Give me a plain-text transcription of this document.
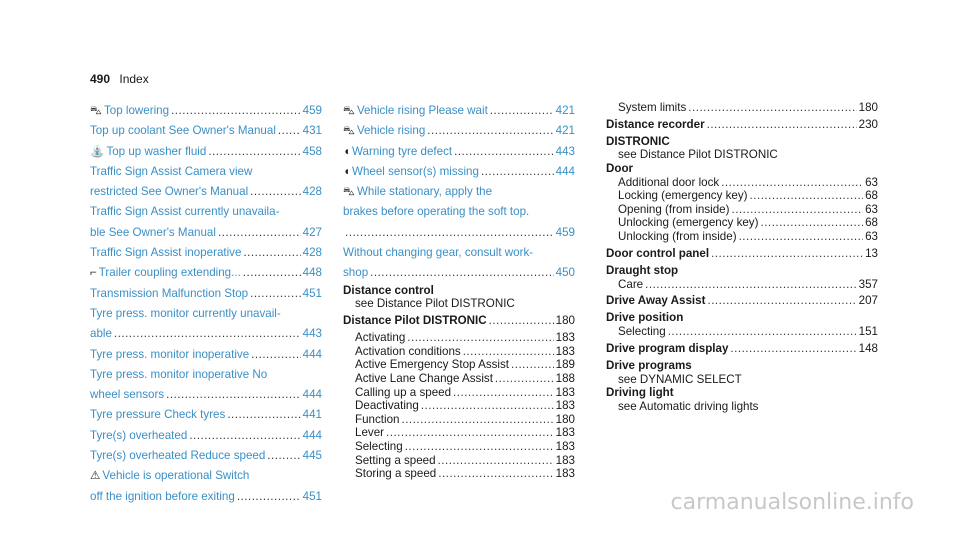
490 Index
⛍ Top lowering .....	459
Top up coolant See Owner's Manual ..... 431
⛲ Top up washer fluid .....	458
Traffic Sign Assist Camera view
restricted See Owner's Manual .....	428
Traffic Sign Assist currently unavaila-
ble See Owner's Manual .....	427
Traffic Sign Assist inoperative .....	428
⌐ Trailer coupling extending... .....	448
Transmission Malfunction Stop .....	451
Tyre press. monitor currently unavail-
able .....	443
Tyre press. monitor inoperative .....	444
Tyre press. monitor inoperative No
wheel sensors .....	444
Tyre pressure Check tyres .....	441
Tyre(s) overheated .....	444
Tyre(s) overheated Reduce speed .....	445
⚠ Vehicle is operational Switch
off the ignition before exiting .....	451
⛍ Vehicle rising Please wait .....	421
⛍ Vehicle rising .....	421
◖ Warning tyre defect .....	443
◖ Wheel sensor(s) missing .....	444
⛍ While stationary, apply the
brakes before operating the soft top.
.....
459
Without changing gear, consult work-
shop .....	450
Distance control
see Distance Pilot DISTRONIC
Distance Pilot DISTRONIC .....	180
Activating .....	183
Activation conditions .....	183
Active Emergency Stop Assist .....	189
Active Lane Change Assist .....	188
Calling up a speed .....	183
Deactivating .....	183
Function .....	180
Lever .....	183
Selecting .....	183
Setting a speed .....	183
Storing a speed .....	183
System limits .....	180
Distance recorder .....	230
DISTRONIC
see Distance Pilot DISTRONIC
Door
Additional door lock .....	63
Locking (emergency key) .....	68
Opening (from inside) .....	63
Unlocking (emergency key) .....	68
Unlocking (from inside) .....	63
Door control panel .....	13
Draught stop
Care .....	357
Drive Away Assist .....	207
Drive position
Selecting .....	151
Drive program display .....	148
Drive programs
see DYNAMIC SELECT
Driving light
see Automatic driving lights
carmanualsonline.info
